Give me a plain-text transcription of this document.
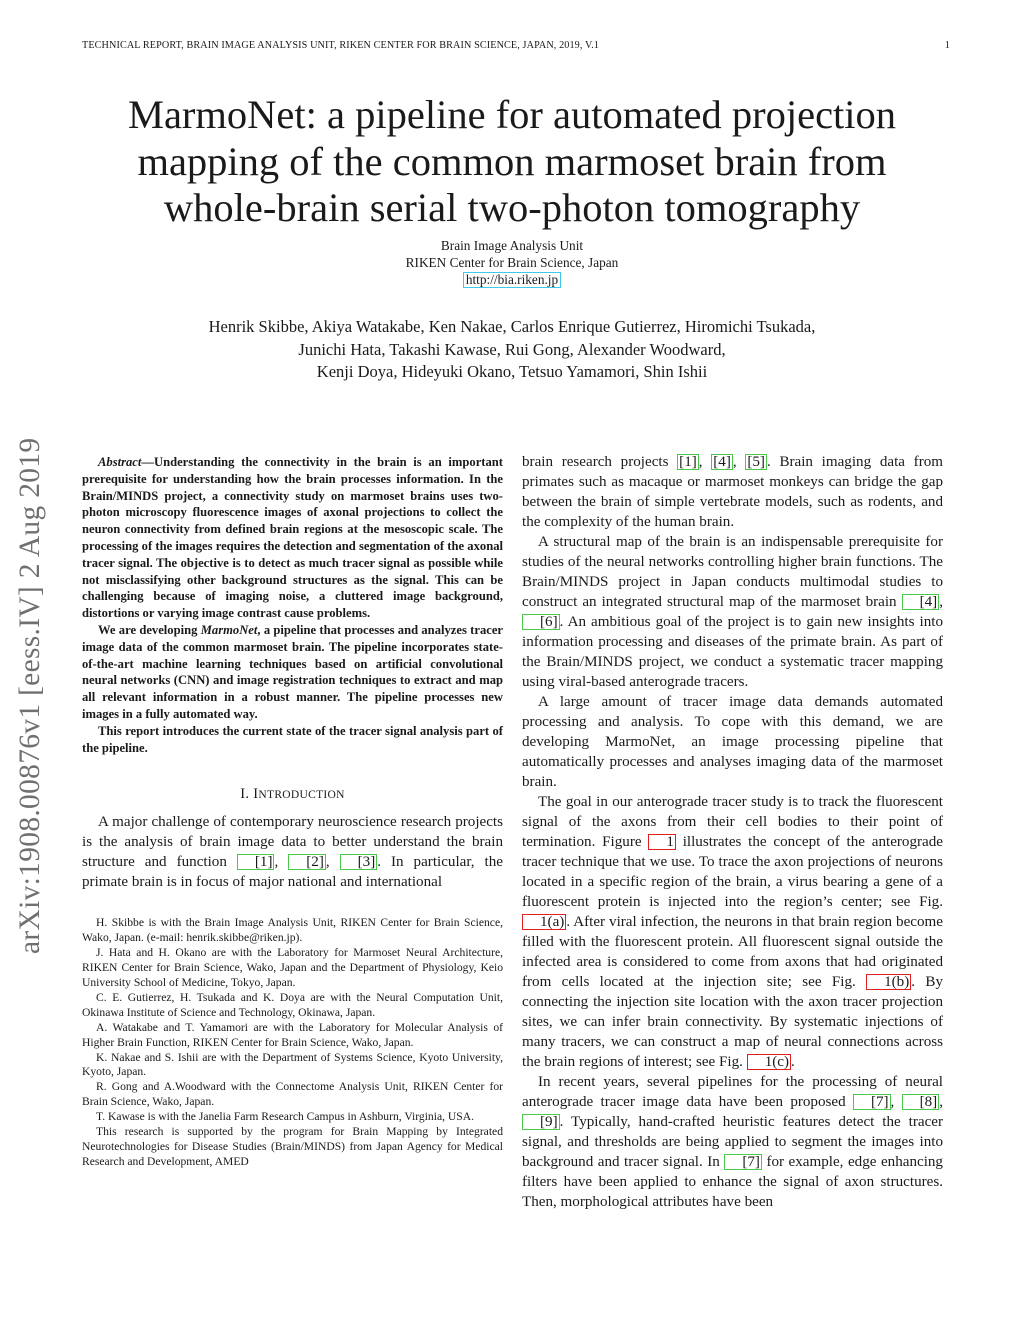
TECHNICAL REPORT, BRAIN IMAGE ANALYSIS UNIT, RIKEN CENTER FOR BRAIN SCIENCE, JAPAN, 2019, V.1	1
arXiv:1908.00876v1 [eess.IV] 2 Aug 2019
MarmoNet: a pipeline for automated projection
mapping of the common marmoset brain from
whole-brain serial two-photon tomography
Brain Image Analysis Unit
RIKEN Center for Brain Science, Japan
http://bia.riken.jp
Henrik Skibbe, Akiya Watakabe, Ken Nakae, Carlos Enrique Gutierrez, Hiromichi Tsukada,
Junichi Hata, Takashi Kawase, Rui Gong, Alexander Woodward,
Kenji Doya, Hideyuki Okano, Tetsuo Yamamori, Shin Ishii

Abstract—Understanding the connectivity in the brain is an important prerequisite for understanding how the brain processes information. In the Brain/MINDS project, a connectivity study on marmoset brains uses two-photon microscopy fluorescence images of axonal projections to collect the neuron connectivity from defined brain regions at the mesoscopic scale. The processing of the images requires the detection and segmentation of the axonal tracer signal. The objective is to detect as much tracer signal as possible while not misclassifying other background structures as the signal. This can be challenging because of imaging noise, a cluttered image background, distortions or varying image contrast cause problems.

We are developing MarmoNet, a pipeline that processes and analyzes tracer image data of the common marmoset brain. The pipeline incorporates state-of-the-art machine learning techniques based on artificial convolutional neural networks (CNN) and image registration techniques to extract and map all relevant information in a robust manner. The pipeline processes new images in a fully automated way.

This report introduces the current state of the tracer signal analysis part of the pipeline.

I. INTRODUCTION

A major challenge of contemporary neuroscience research projects is the analysis of brain image data to better understand the brain structure and function [1] , [2] , [3] . In particular, the primate brain is in focus of major national and international

H. Skibbe is with the Brain Image Analysis Unit, RIKEN Center for Brain Science, Wako, Japan. (e-mail: henrik.skibbe@riken.jp).

J. Hata and H. Okano are with the Laboratory for Marmoset Neural Architecture, RIKEN Center for Brain Science, Wako, Japan and the Department of Physiology, Keio University School of Medicine, Tokyo, Japan.

C. E. Gutierrez, H. Tsukada and K. Doya are with the Neural Computation Unit, Okinawa Institute of Science and Technology, Okinawa, Japan.

A. Watakabe and T. Yamamori are with the Laboratory for Molecular Analysis of Higher Brain Function, RIKEN Center for Brain Science, Wako, Japan.

K. Nakae and S. Ishii are with the Department of Systems Science, Kyoto University, Kyoto, Japan.

R. Gong and A.Woodward with the Connectome Analysis Unit, RIKEN Center for Brain Science, Wako, Japan.

T. Kawase is with the Janelia Farm Research Campus in Ashburn, Virginia, USA.

This research is supported by the program for Brain Mapping by Integrated Neurotechnologies for Disease Studies (Brain/MINDS) from Japan Agency for Medical Research and Development, AMED

brain research projects [1] , [4] , [5] . Brain imaging data from primates such as macaque or marmoset monkeys can bridge the gap between the brain of simple vertebrate models, such as rodents, and the complexity of the human brain.

A structural map of the brain is an indispensable prerequisite for studies of the neural networks controlling higher brain functions. The Brain/MINDS project in Japan conducts multimodal studies to construct an integrated structural map of the marmoset brain [4] , [6] . An ambitious goal of the project is to gain new insights into information processing and diseases of the primate brain. As part of the Brain/MINDS project, we conduct a systematic tracer mapping using viral-based anterograde tracers.

A large amount of tracer image data demands automated processing and analysis. To cope with this demand, we are developing MarmoNet, an image processing pipeline that automatically processes and analyses imaging data of the marmoset brain.

The goal in our anterograde tracer study is to track the fluorescent signal of the axons from their cell bodies to their point of termination. Figure 1 illustrates the concept of the anterograde tracer technique that we use. To trace the axon projections of neurons located in a specific region of the brain, a virus bearing a gene of a fluorescent protein is injected into the region’s center; see Fig. 1(a) . After viral infection, the neurons in that brain region become filled with the fluorescent protein. All fluorescent signal outside the infected area is considered to come from axons that had originated from cells located at the injection site; see Fig. 1(b) . By connecting the injection site location with the axon tracer projection sites, we can infer brain connectivity. By systematic injections of many tracers, we can construct a map of neural connections across the brain regions of interest; see Fig. 1(c) .

In recent years, several pipelines for the processing of neural anterograde tracer image data have been proposed [7] , [8] , [9] . Typically, hand-crafted heuristic features detect the tracer signal, and thresholds are being applied to segment the images into background and tracer signal. In [7] for example, edge enhancing filters have been applied to enhance the signal of axon structures. Then, morphological attributes have been
